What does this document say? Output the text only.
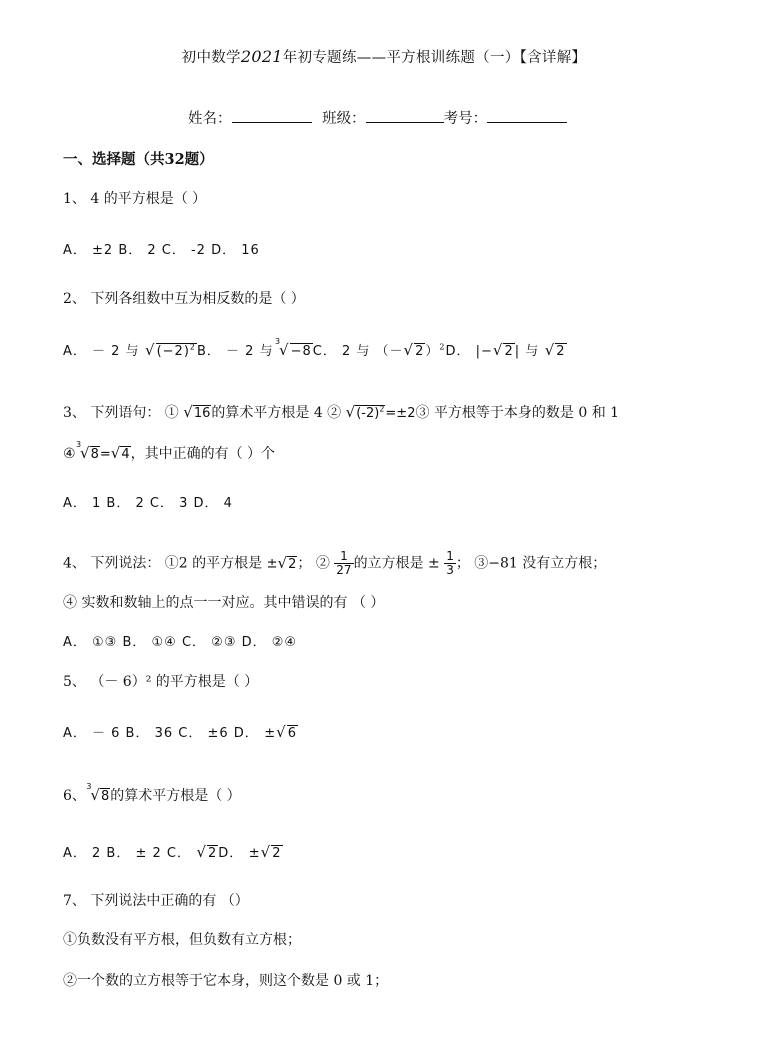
初中数学2021年初专题练——平方根训练题（一）【含详解】
姓名：	班级：	考号：
一、选择题（共32题）
1、 4 的平方根是（ ）
A． ±2 B． 2 C． -2 D． 16
2、 下列各组数中互为相反数的是（ ）
A． － 2 与 $√(-2)^2B$． － 2 与
3
√−8C． 2 与 $(-√2)^2D$． |−√2| 与 √2
3、 下列语句： ① √16的算术平方根是 4 ② $√(-2)^2=\pm 2③$ 平方根等于本身的数是 0 和 1
④
3
√8=√4，其中正确的有（ ）个
A． 1 B． 2 C． 3 D． 4
4、 下列说法： ①2 的平方根是 ±√2； ② $\frac{1}{27}$ 的立方根是 ± $\frac{1}{3}$ ； ③−81 没有立方根；
④ 实数和数轴上的点一一对应。其中错误的有 （ ）
A． ①③ B． ①④ C． ②③ D． ②④
5、 （－ 6）² 的平方根是（ ）
A． － 6 B． 36 C． ±6 D． ±√6
6、
3
√8的算术平方根是（ ）
A． 2 B． ± 2 C． √2D． ±√2
7、 下列说法中正确的有 （）
①负数没有平方根，但负数有立方根；
②一个数的立方根等于它本身，则这个数是 0 或 1；
